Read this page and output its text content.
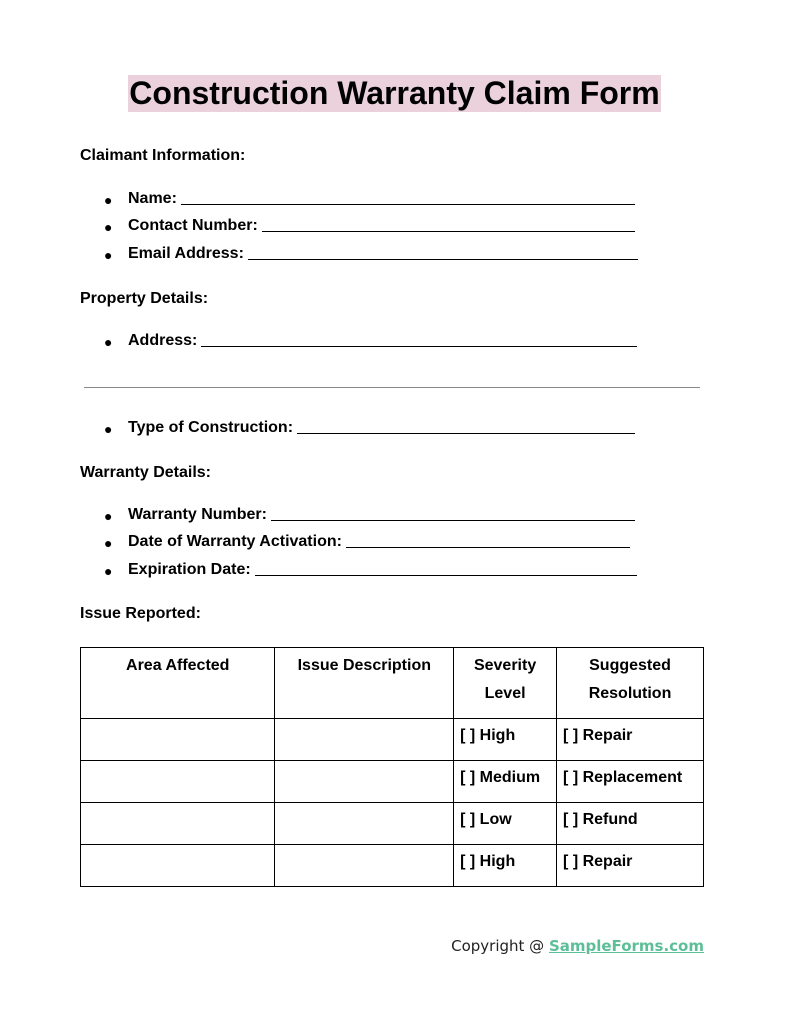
Construction Warranty Claim Form
Claimant Information:
● Name:
● Contact Number:
● Email Address:
Property Details:
● Address:
● Type of Construction:
Warranty Details:
● Warranty Number:
● Date of Warranty Activation:
● Expiration Date:
Issue Reported:
Area Affected	Issue Description	Severity Level	Suggested Resolution
		[ ] High	[ ] Repair
		[ ] Medium	[ ] Replacement
		[ ] Low	[ ] Refund
		[ ] High	[ ] Repair
Copyright @ SampleForms.com
